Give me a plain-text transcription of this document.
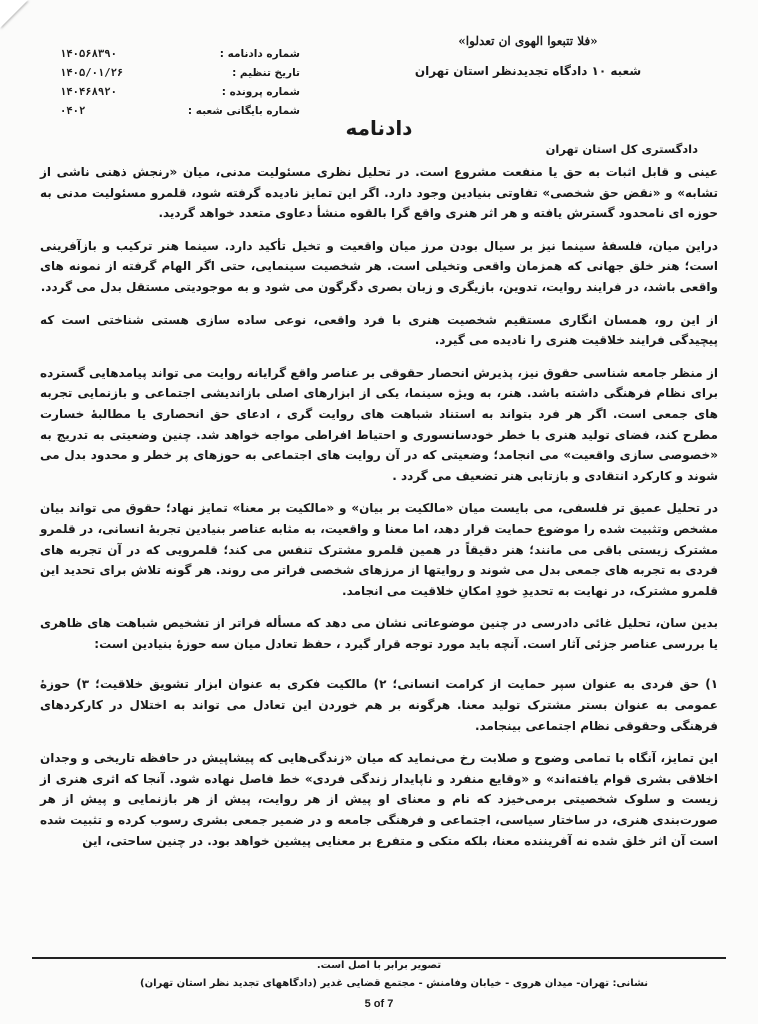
«فلا تتبعوا الهوى ان تعدلوا»
شعبه ۱۰ دادگاه تجدیدنظر استان تهران
شماره دادنامه :
۱۴۰۵۶۸۳۹۰
تاریخ تنظیم :
۱۴۰۵/۰۱/۲۶
شماره پرونده :
۱۴۰۴۶۸۹۲۰
شماره بایگانی شعبه :
۰۴۰۲
دادنامه
دادگستری کل استان تهران

عینی و قابل اثبات به حق یا منفعت مشروع است. در تحلیل نظری مسئولیت مدنی، میان «رنجش ذهنی ناشی از تشابه» و «نقض حق شخصی» تفاوتی بنیادین وجود دارد. اگر این تمایز نادیده گرفته شود، قلمرو مسئولیت مدنی به حوزه ای نامحدود گسترش یافته و هر اثر هنری واقع گرا بالقوه منشأ دعاوی متعدد خواهد گردید.

دراین میان، فلسفهٔ سینما نیز بر سیال بودن مرز میان واقعیت و تخیل تأکید دارد. سینما هنر ترکیب و بازآفرینی است؛ هنر خلق جهانی که همزمان واقعی وتخیلی است. هر شخصیت سینمایی، حتی اگر الهام گرفته از نمونه های واقعی باشد، در فرایند روایت، تدوین، بازیگری و زبان بصری دگرگون می شود و به موجودیتی مستقل بدل می گردد.

از این رو، همسان انگاری مستقیم شخصیت هنری با فرد واقعی، نوعی ساده سازی هستی شناختی است که پیچیدگی فرایند خلاقیت هنری را نادیده می گیرد.

از منظر جامعه شناسی حقوق نیز، پذیرش انحصار حقوقی بر عناصر واقع گرایانه روایت می تواند پیامدهایی گسترده برای نظام فرهنگی داشته باشد. هنر، به ویژه سینما، یکی از ابزارهای اصلی بازاندیشی اجتماعی و بازنمایی تجربه های جمعی است. اگر هر فرد بتواند به استناد شباهت های روایت گری ، ادعای حق انحصاری یا مطالبهٔ خسارت مطرح کند، فضای تولید هنری با خطر خودسانسوری و احتیاط افراطی مواجه خواهد شد. چنین وضعیتی به تدریج به «خصوصی سازی واقعیت» می انجامد؛ وضعیتی که در آن روایت های اجتماعی به حوزهای پر خطر و محدود بدل می شوند و کارکرد انتقادی و بازتابی هنر تضعیف می گردد .

در تحلیل عمیق تر فلسفی، می بایست میان «مالکیت بر بیان» و «مالکیت بر معنا» تمایز نهاد؛ حقوق می تواند بیان مشخص وتثبیت شده را موضوع حمایت قرار دهد، اما معنا و واقعیت، به مثابه عناصر بنیادین تجربهٔ انسانی، در قلمرو مشترک زیستی باقی می مانند؛ هنر دقیقاً در همین قلمرو مشترک تنفس می کند؛ قلمرویی که در آن تجربه های فردی به تجربه های جمعی بدل می شوند و روایتها از مرزهای شخصی فراتر می روند. هر گونه تلاش برای تحدید این قلمرو مشترک، در نهایت به تحدیدِ خودِ امکانِ خلاقیت می انجامد.

بدین سان، تحلیل غائی دادرسی در چنین موضوعاتی نشان می دهد که مسأله فراتر از تشخیص شباهت های ظاهری یا بررسی عناصر جزئی آثار است. آنچه باید مورد توجه قرار گیرد ، حفظ تعادل میان سه حوزهٔ بنیادین است:

۱) حق فردی به عنوان سپر حمایت از کرامت انسانی؛ ۲) مالکیت فکری به عنوان ابزار تشویق خلاقیت؛ ۳) حوزهٔ عمومی به عنوان بستر مشترک تولید معنا. هرگونه بر هم خوردن این تعادل می تواند به اختلال در کارکردهای فرهنگی وحقوقی نظام اجتماعی بینجامد.

این تمایز، آنگاه با تمامی وضوح و صلابت رخ می‌نماید که میان «زندگی‌هایی که پیشاپیش در حافظه تاریخی و وجدان اخلاقی بشری قوام یافته‌اند» و «وقایع منفرد و ناپایدار زندگی فردی» خط فاصل نهاده شود. آنجا که اثری هنری از زیست و سلوک شخصیتی برمی‌خیزد که نام و معنای او پیش از هر روایت، پیش از هر بازنمایی و پیش از هر صورت‌بندی هنری، در ساختار سیاسی، اجتماعی و فرهنگی جامعه و در ضمیر جمعی بشری رسوب کرده و تثبیت شده است آن اثر خلق شده نه آفریننده معنا، بلکه متکی و متفرع بر معنایی پیشین خواهد بود. در چنین ساحتی، این

تصویر برابر با اصل است.
نشانی: تهران- میدان هروی - خیابان وفامنش - مجتمع قضایی غدیر (دادگاههای تجدید نظر استان تهران)
5 of 7
